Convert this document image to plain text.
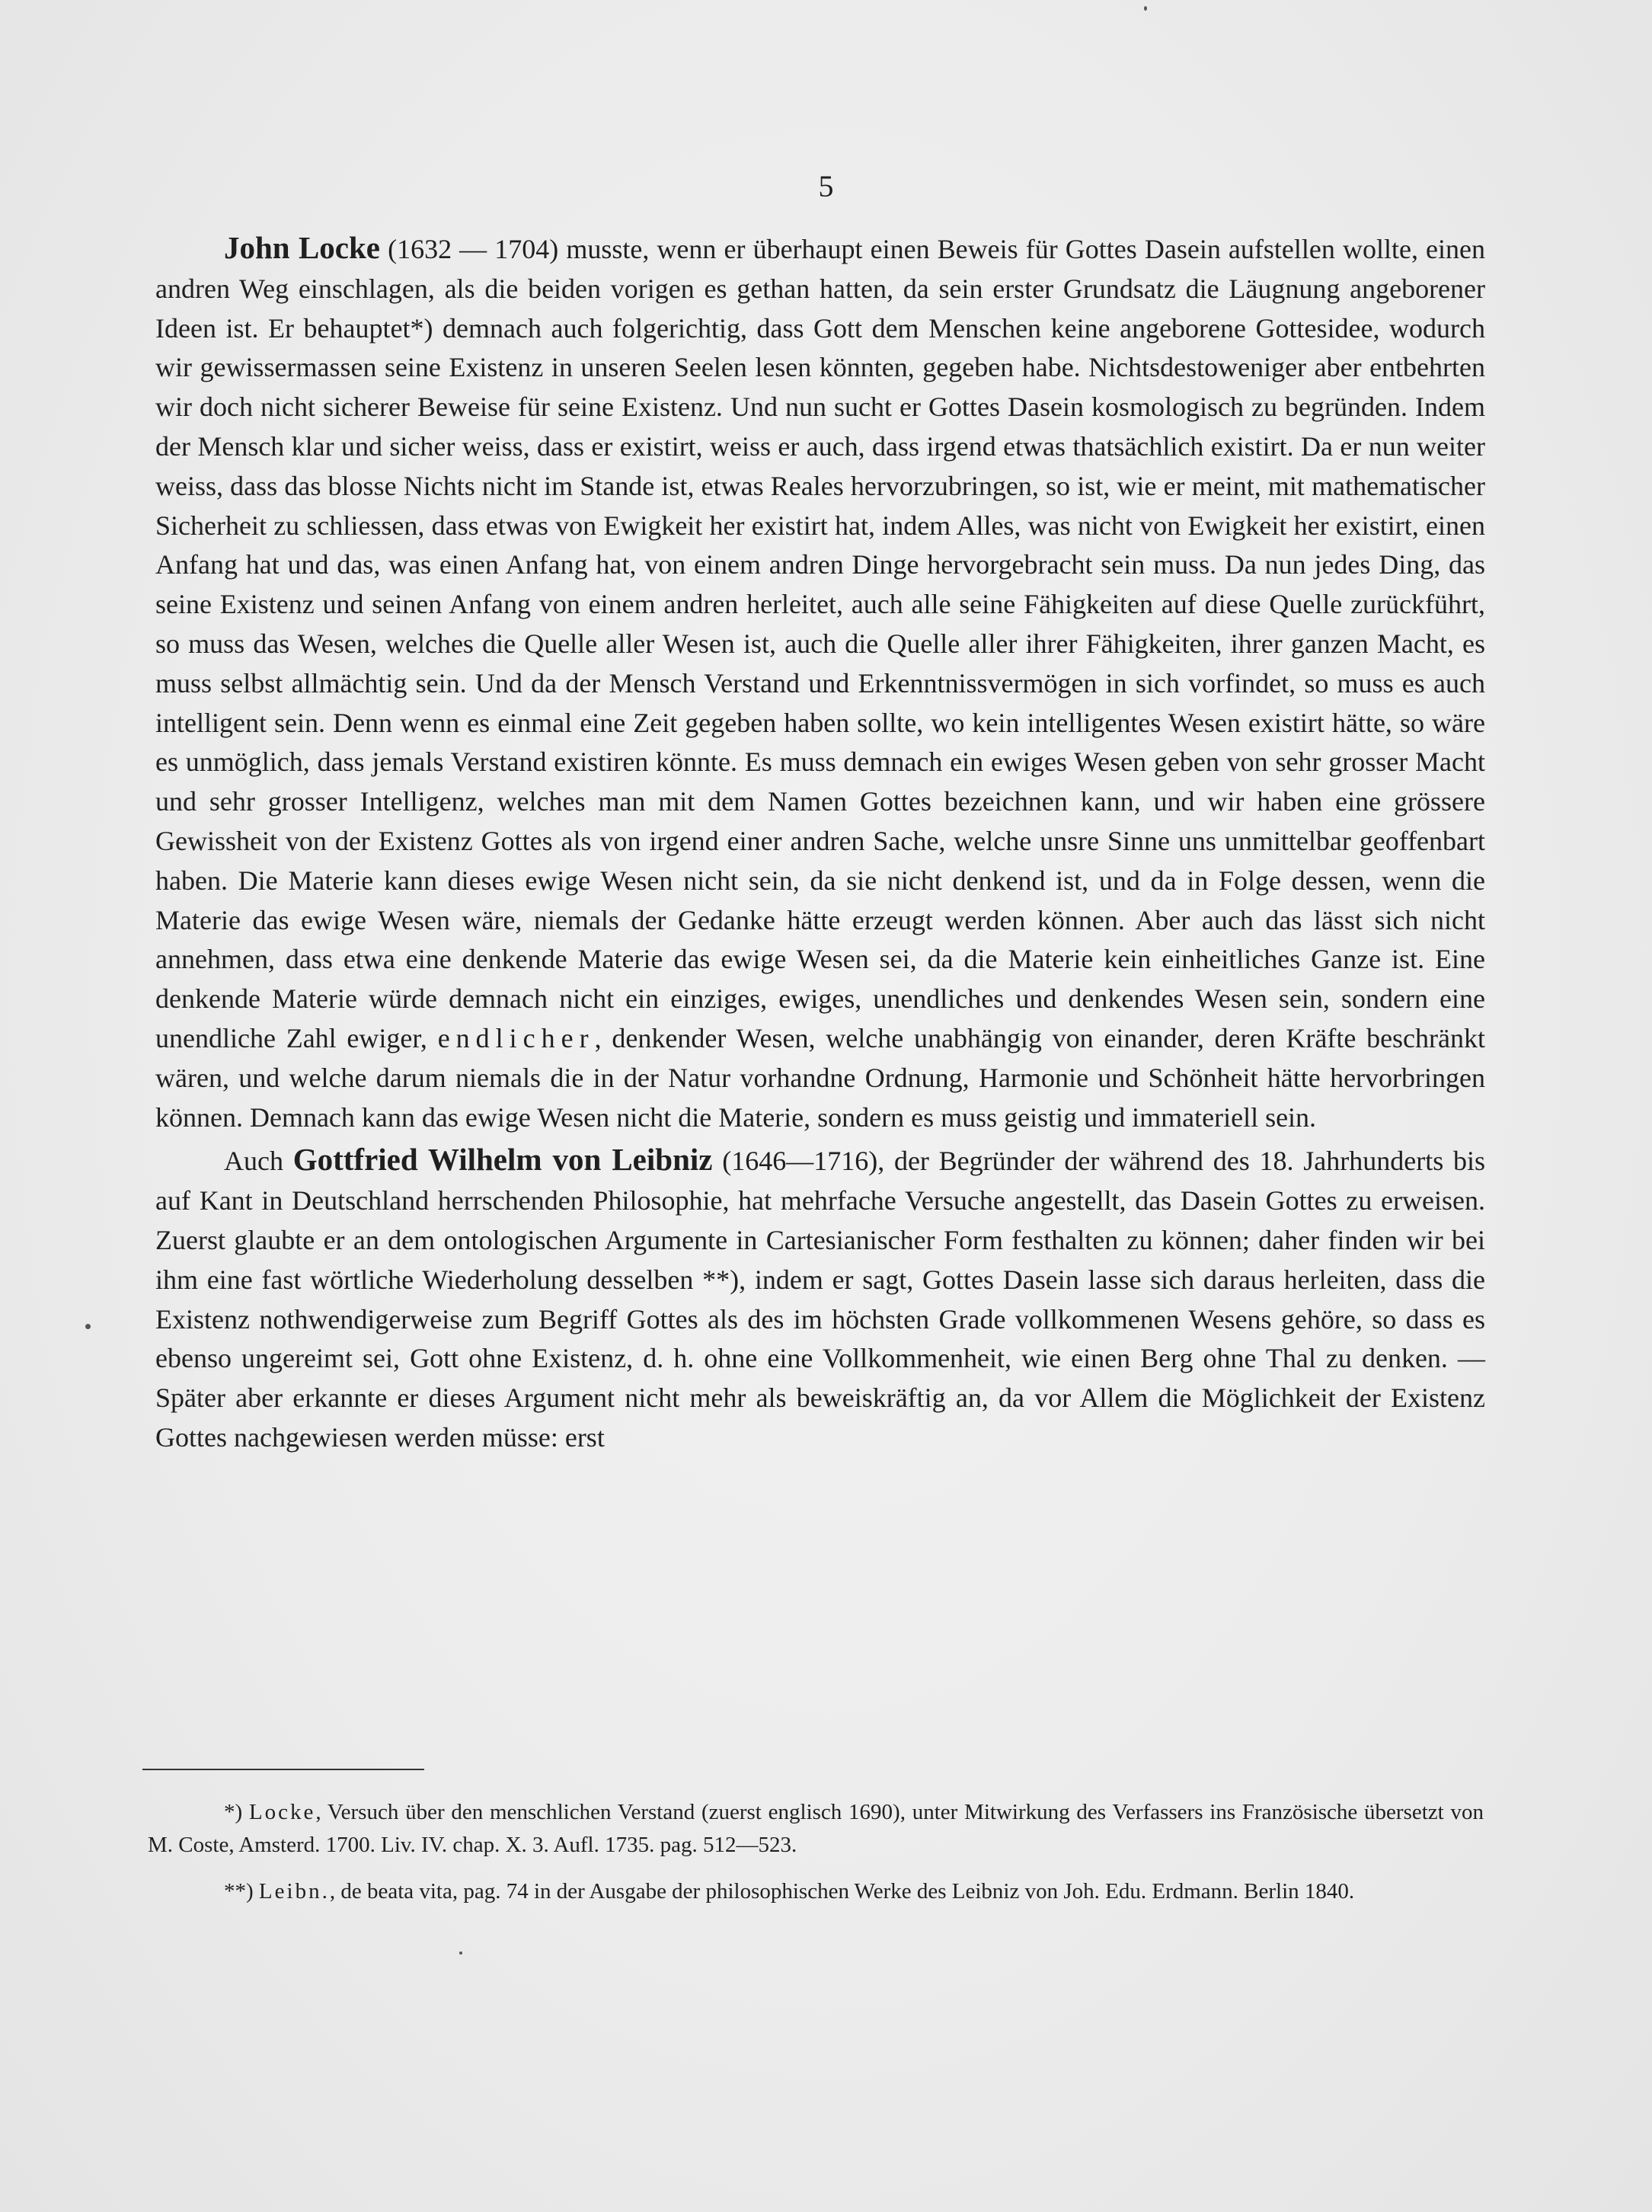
5

John Locke (1632 — 1704) musste, wenn er überhaupt einen Beweis für Gottes Dasein aufstellen wollte, einen andren Weg einschlagen, als die beiden vorigen es gethan hatten, da sein erster Grundsatz die Läugnung angeborener Ideen ist. Er behauptet*) demnach auch folgerichtig, dass Gott dem Menschen keine angeborene Gottesidee, wodurch wir gewissermassen seine Existenz in unseren Seelen lesen könnten, gegeben habe. Nichtsdestoweniger aber entbehrten wir doch nicht sicherer Beweise für seine Existenz. Und nun sucht er Gottes Dasein kosmologisch zu begründen. Indem der Mensch klar und sicher weiss, dass er existirt, weiss er auch, dass irgend etwas thatsächlich existirt. Da er nun weiter weiss, dass das blosse Nichts nicht im Stande ist, etwas Reales hervorzubringen, so ist, wie er meint, mit mathematischer Sicherheit zu schliessen, dass etwas von Ewigkeit her existirt hat, indem Alles, was nicht von Ewigkeit her existirt, einen Anfang hat und das, was einen Anfang hat, von einem andren Dinge hervorgebracht sein muss. Da nun jedes Ding, das seine Existenz und seinen Anfang von einem andren herleitet, auch alle seine Fähigkeiten auf diese Quelle zurückführt, so muss das Wesen, welches die Quelle aller Wesen ist, auch die Quelle aller ihrer Fähigkeiten, ihrer ganzen Macht, es muss selbst allmächtig sein. Und da der Mensch Verstand und Erkenntnissvermögen in sich vorfindet, so muss es auch intelligent sein. Denn wenn es einmal eine Zeit gegeben haben sollte, wo kein intelligentes Wesen existirt hätte, so wäre es unmöglich, dass jemals Verstand existiren könnte. Es muss demnach ein ewiges Wesen geben von sehr grosser Macht und sehr grosser Intelligenz, welches man mit dem Namen Gottes bezeichnen kann, und wir haben eine grössere Gewissheit von der Existenz Gottes als von irgend einer andren Sache, welche unsre Sinne uns unmittelbar geoffenbart haben. Die Materie kann dieses ewige Wesen nicht sein, da sie nicht denkend ist, und da in Folge dessen, wenn die Materie das ewige Wesen wäre, niemals der Gedanke hätte erzeugt werden können. Aber auch das lässt sich nicht annehmen, dass etwa eine denkende Materie das ewige Wesen sei, da die Materie kein einheitliches Ganze ist. Eine denkende Materie würde demnach nicht ein einziges, ewiges, unendliches und denkendes Wesen sein, sondern eine unendliche Zahl ewiger, endlicher, denkender Wesen, welche unabhängig von einander, deren Kräfte beschränkt wären, und welche darum niemals die in der Natur vorhandne Ordnung, Harmonie und Schönheit hätte hervorbringen können. Demnach kann das ewige Wesen nicht die Materie, sondern es muss geistig und immateriell sein.

Auch Gottfried Wilhelm von Leibniz (1646—1716), der Begründer der während des 18. Jahrhunderts bis auf Kant in Deutschland herrschenden Philosophie, hat mehrfache Versuche angestellt, das Dasein Gottes zu erweisen. Zuerst glaubte er an dem ontologischen Argumente in Cartesianischer Form festhalten zu können; daher finden wir bei ihm eine fast wörtliche Wiederholung desselben **), indem er sagt, Gottes Dasein lasse sich daraus herleiten, dass die Existenz nothwendigerweise zum Begriff Gottes als des im höchsten Grade vollkommenen Wesens gehöre, so dass es ebenso ungereimt sei, Gott ohne Existenz, d. h. ohne eine Vollkommenheit, wie einen Berg ohne Thal zu denken. — Später aber erkannte er dieses Argument nicht mehr als beweiskräftig an, da vor Allem die Möglichkeit der Existenz Gottes nachgewiesen werden müsse: erst

*) Locke, Versuch über den menschlichen Verstand (zuerst englisch 1690), unter Mitwirkung des Verfassers ins Französische übersetzt von M. Coste, Amsterd. 1700. Liv. IV. chap. X. 3. Aufl. 1735. pag. 512—523.

**) Leibn., de beata vita, pag. 74 in der Ausgabe der philosophischen Werke des Leibniz von Joh. Edu. Erdmann. Berlin 1840.
